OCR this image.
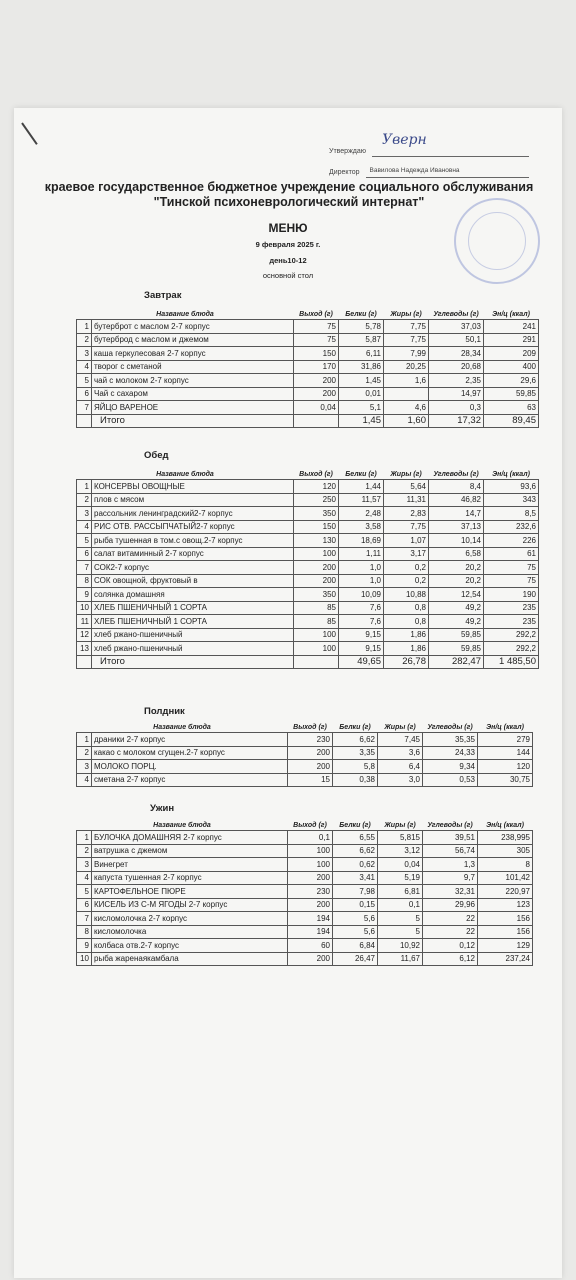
Утверждаю
Уверн
Директор	Вавилова Надежда Ивановна
краевое государственное бюджетное учреждение социального обслуживания "Тинской психоневрологический интернат"
МЕНЮ
9 февраля 2025 г.
день10-12
основной стол
Завтрак
Название блюда		Выход (г)	Белки (г)	Жиры (г)	Углеводы (г)	Эн/ц (ккал)
1	бутерброт с маслом 2-7 корпус	75	5,78	7,75	37,03	241
2	бутерброд с маслом и джемом	75	5,87	7,75	50,1	291
3	каша геркулесовая 2-7 корпус	150	6,11	7,99	28,34	209
4	творог с сметаной	170	31,86	20,25	20,68	400
5	чай с молоком 2-7 корпус	200	1,45	1,6	2,35	29,6
6	Чай с сахаром	200	0,01		14,97	59,85
7	ЯЙЦО ВАРЕНОЕ	0,04	5,1	4,6	0,3	63
	Итого		1,45	1,60	17,32	89,45
Обед
Название блюда		Выход (г)	Белки (г)	Жиры (г)	Углеводы (г)	Эн/ц (ккал)
1	КОНСЕРВЫ ОВОЩНЫЕ	120	1,44	5,64	8,4	93,6
2	плов с мясом	250	11,57	11,31	46,82	343
3	рассольник ленинградский2-7 корпус	350	2,48	2,83	14,7	8,5
4	РИС ОТВ. РАССЫПЧАТЫЙ2-7 корпус	150	3,58	7,75	37,13	232,6
5	рыба тушенная в том.с овощ.2-7 корпус	130	18,69	1,07	10,14	226
6	салат витаминный 2-7 корпус	100	1,11	3,17	6,58	61
7	СОК2-7 корпус	200	1,0	0,2	20,2	75
8	СОК овощной, фруктовый в	200	1,0	0,2	20,2	75
9	солянка домашняя	350	10,09	10,88	12,54	190
10	ХЛЕБ ПШЕНИЧНЫЙ 1 СОРТА	85	7,6	0,8	49,2	235
11	ХЛЕБ ПШЕНИЧНЫЙ 1 СОРТА	85	7,6	0,8	49,2	235
12	хлеб ржано-пшеничный	100	9,15	1,86	59,85	292,2
13	хлеб ржано-пшеничный	100	9,15	1,86	59,85	292,2
	Итого		49,65	26,78	282,47	1 485,50
Полдник
Название блюда		Выход (г)	Белки (г)	Жиры (г)	Углеводы (г)	Эн/ц (ккал)
1	драники 2-7 корпус	230	6,62	7,45	35,35	279
2	какао с молоком сгущен.2-7 корпус	200	3,35	3,6	24,33	144
3	МОЛОКО ПОРЦ.	200	5,8	6,4	9,34	120
4	сметана 2-7 корпус	15	0,38	3,0	0,53	30,75
Ужин
Название блюда		Выход (г)	Белки (г)	Жиры (г)	Углеводы (г)	Эн/ц (ккал)
1	БУЛОЧКА ДОМАШНЯЯ 2-7 корпус	0,1	6,55	5,815	39,51	238,995
2	ватрушка с джемом	100	6,62	3,12	56,74	305
3	Винегрет	100	0,62	0,04	1,3	8
4	капуста тушенная 2-7 корпус	200	3,41	5,19	9,7	101,42
5	КАРТОФЕЛЬНОЕ ПЮРЕ	230	7,98	6,81	32,31	220,97
6	КИСЕЛЬ ИЗ С-М ЯГОДЫ 2-7 корпус	200	0,15	0,1	29,96	123
7	кисломолочка 2-7 корпус	194	5,6	5	22	156
8	кисломолочка	194	5,6	5	22	156
9	колбаса отв.2-7 корпус	60	6,84	10,92	0,12	129
10	рыба жаренаякамбала	200	26,47	11,67	6,12	237,24
